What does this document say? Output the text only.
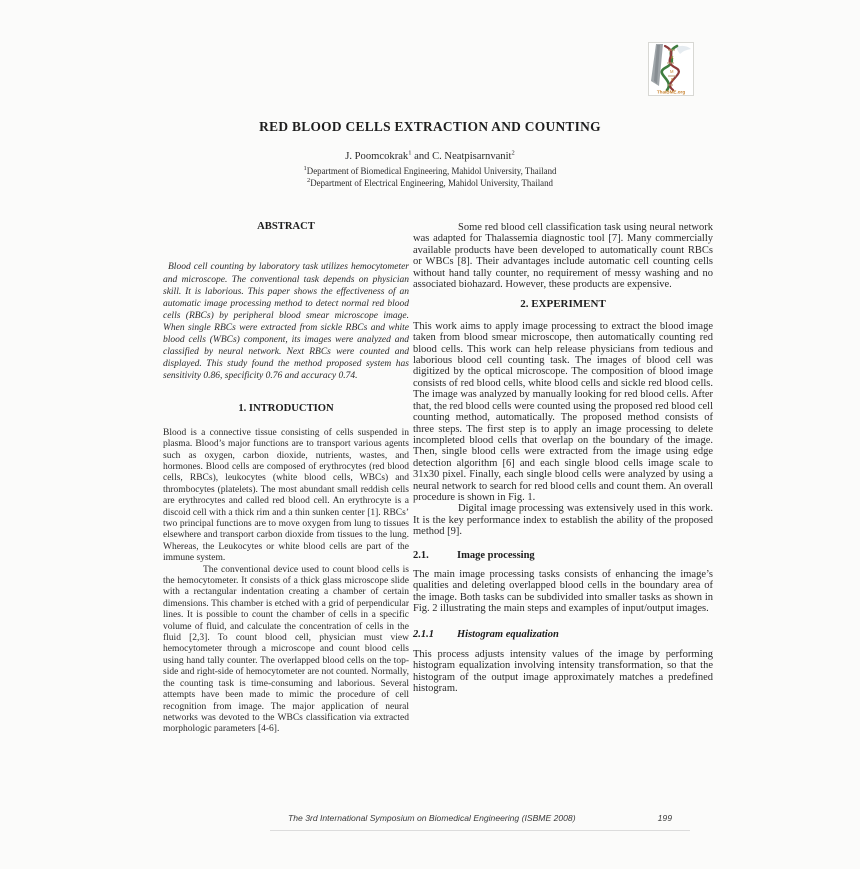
K
M
E
ThaiBME.org
RED BLOOD CELLS EXTRACTION AND COUNTING
J. Poomcokrak$^1$ and C. Neatpisarnvanit$^2$
$^1$Department of Biomedical Engineering, Mahidol University, Thailand
$^2$Department of Electrical Engineering, Mahidol University, Thailand
ABSTRACT

Blood cell counting by laboratory task utilizes hemocytometer and microscope. The conventional task depends on physician skill. It is laborious. This paper shows the effectiveness of an automatic image processing method to detect normal red blood cells (RBCs) by peripheral blood smear microscope image. When single RBCs were extracted from sickle RBCs and white blood cells (WBCs) component, its images were analyzed and classified by neural network. Next RBCs were counted and displayed. This study found the method proposed system has sensitivity 0.86, specificity 0.76 and accuracy 0.74.

1. INTRODUCTION

Blood is a connective tissue consisting of cells suspended in plasma. Blood’s major functions are to transport various agents such as oxygen, carbon dioxide, nutrients, wastes, and hormones. Blood cells are composed of erythrocytes (red blood cells, RBCs), leukocytes (white blood cells, WBCs) and thrombocytes (platelets). The most abundant small reddish cells are erythrocytes and called red blood cell. An erythrocyte is a discoid cell with a thick rim and a thin sunken center [1]. RBCs’ two principal functions are to move oxygen from lung to tissues elsewhere and transport carbon dioxide from tissues to the lung. Whereas, the Leukocytes or white blood cells are part of the immune system.

The conventional device used to count blood cells is the hemocytometer. It consists of a thick glass microscope slide with a rectangular indentation creating a chamber of certain dimensions. This chamber is etched with a grid of perpendicular lines. It is possible to count the chamber of cells in a specific volume of fluid, and calculate the concentration of cells in the fluid [2,3]. To count blood cell, physician must view hemocytometer through a microscope and count blood cells using hand tally counter. The overlapped blood cells on the top-side and right-side of hemocytometer are not counted. Normally, the counting task is time-consuming and laborious. Several attempts have been made to mimic the procedure of cell recognition from image. The major application of neural networks was devoted to the WBCs classification via extracted morphologic parameters [4-6].

Some red blood cell classification task using neural network was adapted for Thalassemia diagnostic tool [7]. Many commercially available products have been developed to automatically count RBCs or WBCs [8]. Their advantages include automatic cell counting cells without hand tally counter, no requirement of messy washing and no associated biohazard. However, these products are expensive.

2. EXPERIMENT

This work aims to apply image processing to extract the blood image taken from blood smear microscope, then automatically counting red blood cells. This work can help release physicians from tedious and laborious blood cell counting task. The images of blood cell was digitized by the optical microscope. The composition of blood image consists of red blood cells, white blood cells and sickle red blood cells. The image was analyzed by manually looking for red blood cells. After that, the red blood cells were counted using the proposed red blood cell counting method, automatically. The proposed method consists of three steps. The first step is to apply an image processing to delete incompleted blood cells that overlap on the boundary of the image. Then, single blood cells were extracted from the image using edge detection algorithm [6] and each single blood cells image scale to 31x30 pixel. Finally, each single blood cells were analyzed by using a neural network to search for red blood cells and count them. An overall procedure is shown in Fig. 1.

Digital image processing was extensively used in this work. It is the key performance index to establish the ability of the proposed method [9].

2.1.	Image processing

The main image processing tasks consists of enhancing the image’s qualities and deleting overlapped blood cells in the boundary area of the image. Both tasks can be subdivided into smaller tasks as shown in Fig. 2 illustrating the main steps and examples of input/output images.

2.1.1 Histogram equalization

This process adjusts intensity values of the image by performing histogram equalization involving intensity transformation, so that the histogram of the output image approximately matches a predefined histogram.

The 3rd International Symposium on Biomedical Engineering (ISBME 2008)	199
